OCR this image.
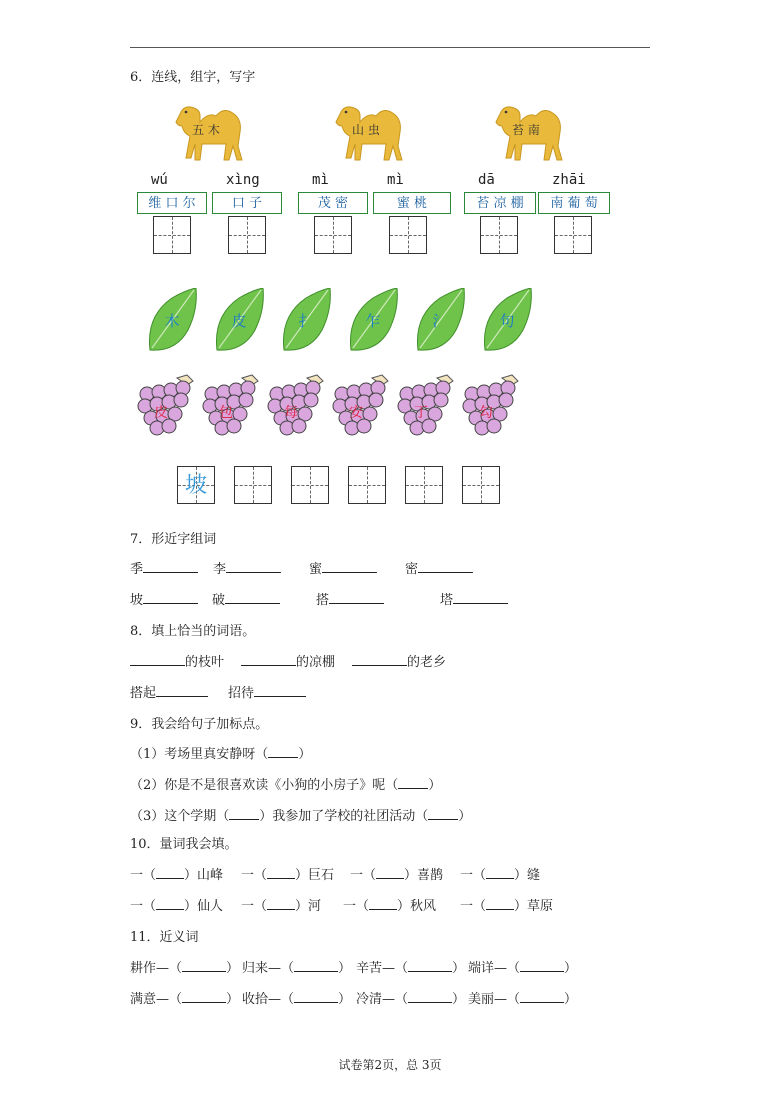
6．连线，组字，写字
五 木
wú
维 口 尔
xìng
口 子
山 虫
mì
茂 密
mì
蜜 桃
苔 南
dā
苔 凉 棚
zhāi
南 葡 萄
木	皮	扌	乍	氵	句
皮	包	每	安	丁	勾
坡
7．形近字组词
季	李	蜜	密
坡	破	搭	塔
8．填上恰当的词语。
的枝叶	的凉棚	的老乡
搭起	招待
9．我会给句子加标点。
（1）考场里真安静呀（ ）
（2）你是不是很喜欢读《小狗的小房子》呢（ ）
（3）这个学期（ ）我参加了学校的社团活动（ ）
10．量词我会填。
一（ ）山峰 一（ ）巨石 一（ ）喜鹊 一（ ）缝
一（ ）仙人 一（ ）河 一（ ）秋风 一（ ）草原
11．近义词
耕作—（	） 归来—（	） 辛苦—（	） 端详—（	）
满意—（	） 收拾—（	） 冷清—（	） 美丽—（	）
试卷第2页，总 3页
